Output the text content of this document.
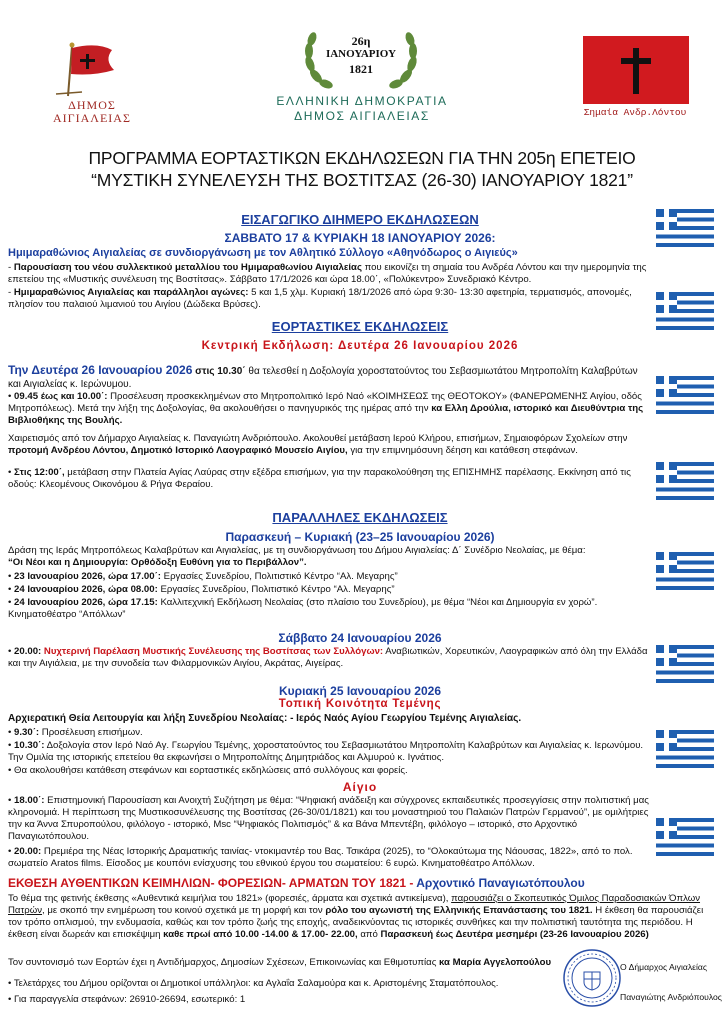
ΔΗΜΟΣ
ΑΙΓΙΑΛΕΙΑΣ
26η
ΙΑΝΟΥΑΡΙΟΥ
1821
ΕΛΛΗΝΙΚΗ ΔΗΜΟΚΡΑΤΙΑ
ΔΗΜΟΣ ΑΙΓΙΑΛΕΙΑΣ	Σημαία Ανδρ.Λόντου
ΠΡΟΓΡΑΜΜΑ ΕΟΡΤΑΣΤΙΚΩΝ ΕΚΔΗΛΩΣΕΩΝ ΓΙΑ ΤΗΝ 205η ΕΠΕΤΕΙΟ
“ΜΥΣΤΙΚΗ ΣΥΝΕΛΕΥΣΗ ΤΗΣ ΒΟΣΤΙΤΣΑΣ (26-30) ΙΑΝΟΥΑΡΙΟΥ 1821”
ΕΙΣΑΓΩΓΙΚΟ ΔΙΗΜΕΡΟ ΕΚΔΗΛΩΣΕΩΝ
ΣΑΒΒΑΤΟ 17 & ΚΥΡΙΑΚΗ 18 ΙΑΝΟΥΑΡΙΟΥ 2026:
Ημιμαραθώνιος Αιγιαλείας σε συνδιοργάνωση με τον Αθλητικό Σύλλογο «Αθηνόδωρος ο Αιγιεύς»
- Παρουσίαση του νέου συλλεκτικού μεταλλίου του Ημιμαραθωνίου Αιγιαλείας που εικονίζει τη σημαία του Ανδρέα Λόντου και την ημερομηνία της επετείου της «Μυστικής συνέλευση της Βοστίτσας». Σάββατο 17/1/2026 και ώρα 18.00΄, «Πολύκεντρο» Συνεδριακό Κέντρο.
- Ημιμαραθώνιος Αιγιαλείας και παράλληλοι αγώνες: 5 και 1,5 χλμ. Κυριακή 18/1/2026 από ώρα 9:30- 13:30 αφετηρία, τερματισμός, απονομές, πλησίον του παλαιού λιμανιού του Αιγίου (Δώδεκα Βρύσες).
ΕΟΡΤΑΣΤΙΚΕΣ ΕΚΔΗΛΩΣΕΙΣ
Κεντρική Εκδήλωση: Δευτέρα 26 Ιανουαρίου 2026
Την Δευτέρα 26 Ιανουαρίου 2026 στις 10.30΄ θα τελεσθεί η Δοξολογία χοροστατούντος του Σεβασμιωτάτου Μητροπολίτη Καλαβρύτων και Αιγιαλείας κ. Ιερώνυμου.
• 09.45 έως και 10.00΄: Προσέλευση προσκεκλημένων στο Μητροπολιτικό Ιερό Ναό «ΚΟΙΜΗΣΕΩΣ της ΘΕΟΤΟΚΟΥ» (ΦΑΝΕΡΩΜΕΝΗΣ Αιγίου, οδός Μητροπόλεως). Μετά την λήξη της Δοξολογίας, θα ακολουθήσει ο πανηγυρικός της ημέρας από την κα Ελλη Δρούλια, ιστορικό και Διευθύντρια της Βιβλιοθήκης της Βουλής.
Χαιρετισμός από τον Δήμαρχο Αιγιαλείας κ. Παναγιώτη Ανδριόπουλο. Ακολουθεί μετάβαση Ιερού Κλήρου, επισήμων, Σημαιοφόρων Σχολείων στην προτομή Ανδρέου Λόντου, Δημοτικό Ιστορικό Λαογραφικό Μουσείο Αιγίου, για την επιμνημόσυνη δέηση και κατάθεση στεφάνων.
• Στις 12:00΄, μετάβαση στην Πλατεία Αγίας Λαύρας στην εξέδρα επισήμων, για την παρακολούθηση της ΕΠΙΣΗΜΗΣ παρέλασης. Εκκίνηση από τις οδούς: Κλεομένους Οικονόμου & Ρήγα Φεραίου.
ΠΑΡΑΛΛΗΛΕΣ ΕΚΔΗΛΩΣΕΙΣ
Παρασκευή – Κυριακή (23–25 Ιανουαρίου 2026)
Δράση της Ιεράς Μητροπόλεως Καλαβρύτων και Αιγιαλείας, με τη συνδιοργάνωση του Δήμου Αιγιαλείας: Δ΄ Συνέδριο Νεολαίας, με θέμα:
“Οι Νέοι και η Δημιουργία: Ορθόδοξη Ευθύνη για το Περιβάλλον”.
• 23 Ιανουαρίου 2026, ώρα 17.00΄: Εργασίες Συνεδρίου, Πολιτιστικό Κέντρο “Αλ. Μεγαρης”
• 24 Ιανουαρίου 2026, ώρα 08.00: Εργασίες Συνεδρίου, Πολιτιστικό Κέντρο “Αλ. Μεγαρης”
• 24 Ιανουαρίου 2026, ώρα 17.15: Καλλιτεχνική Εκδήλωση Νεολαίας (στο πλαίσιο του Συνεδρίου), με θέμα “Νέοι και Δημιουργία εν χορώ”. Κινηματοθέατρο “Απόλλων”
Σάββατο 24 Ιανουαρίου 2026
• 20.00: Νυχτερινή Παρέλαση Μυστικής Συνέλευσης της Βοστίτσας των Συλλόγων: Αναβιωτικών, Χορευτικών, Λαογραφικών από όλη την Ελλάδα και την Αιγιάλεια, με την συνοδεία των Φιλαρμονικών Αιγίου, Ακράτας, Αιγείρας.
Κυριακή 25 Ιανουαρίου 2026
Τοπική Κοινότητα Τεμένης
Αρχιερατική Θεία Λειτουργία και λήξη Συνεδρίου Νεολαίας: - Ιερός Ναός Αγίου Γεωργίου Τεμένης Αιγιαλείας.
• 9.30΄: Προσέλευση επισήμων.
• 10.30΄: Δοξολογία στον Ιερό Ναό Αγ. Γεωργίου Τεμένης, χοροστατούντος του Σεβασμιωτάτου Μητροπολίτη Καλαβρύτων και Αιγιαλείας κ. Ιερωνύμου. Την Ομιλία της ιστορικής επετείου θα εκφωνήσει ο Μητροπολίτης Δημητριάδος και Αλμυρού κ. Ιγνάτιος.
• Θα ακολουθήσει κατάθεση στεφάνων και εορταστικές εκδηλώσεις από συλλόγους και φορείς.
Αίγιο
• 18.00΄: Επιστημονική Παρουσίαση και Ανοιχτή Συζήτηση με θέμα: “Ψηφιακή ανάδειξη και σύγχρονες εκπαιδευτικές προσεγγίσεις στην πολιτιστική μας κληρονομιά. Η περίπτωση της Μυστικοσυνέλευσης της Βοστίτσας (26-30/01/1821) και του μοναστηριού του Παλαιών Πατρών Γερμανού”, με ομιλήτριες την κα Άννα Σπυροπούλου, φιλόλογο - ιστορικό, Msc “Ψηφιακός Πολιτισμός” & κα Βάνα Μπεντέβη, φιλόλογο – ιστορικό, στο Αρχοντικό Παναγιωτόπουλου.
• 20.00: Πρεμιέρα της Νέας Ιστορικής Δραματικής ταινίας- ντοκιμαντέρ του Βας. Τσικάρα (2025), το “Ολοκαύτωμα της Νάουσας, 1822», από το πολ. σωματείο Aratos films. Είσοδος με κουπόνι ενίσχυσης του εθνικού έργου του σωματείου: 6 ευρώ. Κινηματοθέατρο Απόλλων.
ΕΚΘΕΣΗ ΑΥΘΕΝΤΙΚΩΝ ΚΕΙΜΗΛΙΩΝ- ΦΟΡΕΣΙΩΝ- ΑΡΜΑΤΩΝ ΤΟΥ 1821 - Αρχοντικό Παναγιωτόπουλου
Το θέμα της φετινής έκθεσης «Αυθεντικά κειμήλια του 1821» (φορεσιές, άρματα και σχετικά αντικείμενα), παρουσιάζει ο Σκοπευτικός Όμιλος Παραδοσιακών Όπλων Πατρών, με σκοπό την ενημέρωση του κοινού σχετικά με τη μορφή και τον ρόλο του αγωνιστή της Ελληνικής Επανάστασης του 1821. Η έκθεση θα παρουσιάζει τον τρόπο οπλισμού, την ενδυμασία, καθώς και τον τρόπο ζωής της εποχής, αναδεικνύοντας τις ιστορικές συνθήκες και την πολιτιστική ταυτότητα της περιόδου. Η έκθεση είναι δωρεάν και επισκέψιμη καθε πρωί από 10.00 -14.00 & 17.00- 22.00, από Παρασκευή έως Δευτέρα μεσημέρι (23-26 Ιανουαρίου 2026)
Τον συντονισμό των Εορτών έχει η Αντιδήμαρχος, Δημοσίων Σχέσεων, Επικοινωνίας και Εθιμοτυπίας κα Μαρία Αγγελοπούλου
• Τελετάρχες του Δήμου ορίζονται οι Δημοτικοί υπάλληλοι: κα Αγλαΐα Σαλαμούρα και κ. Αριστομένης Σταματόπουλος.
• Για παραγγελία στεφάνων: 26910-26694, εσωτερικό: 1
Ο Δήμαρχος Αιγιαλείας
Παναγιώτης Ανδριόπουλος
